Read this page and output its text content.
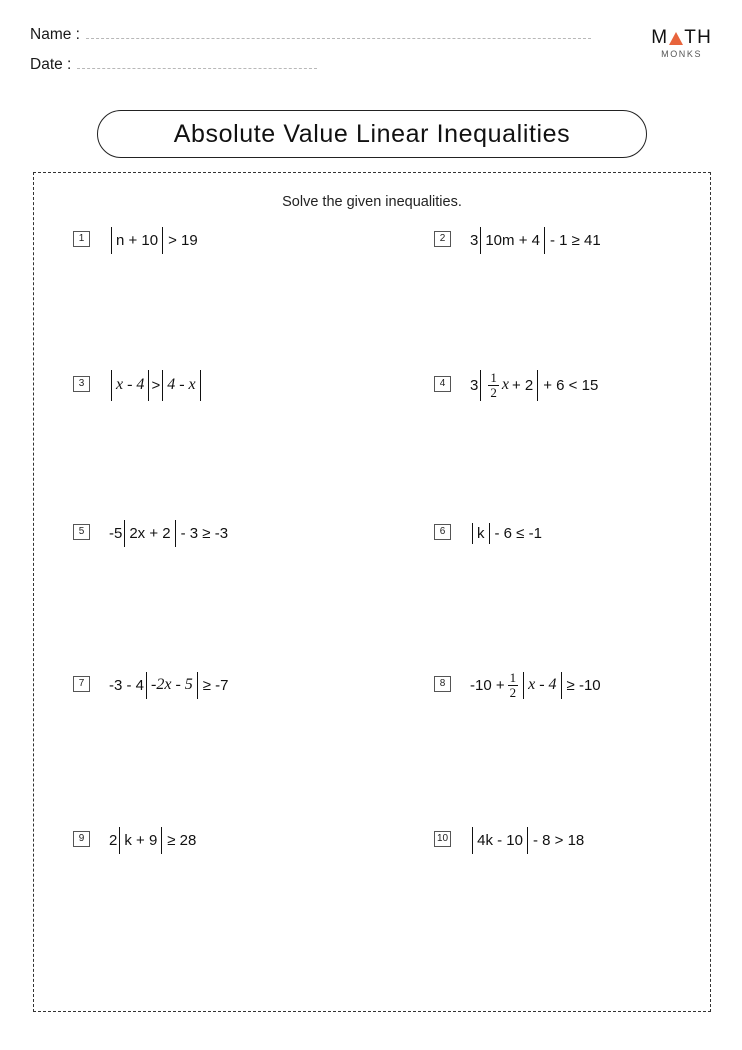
Name :
Date :
M TH
MONKS
Absolute Value Linear Inequalities
Solve the given inequalities.
1	n + 10 > 19	2	3 10m + 4 - 1 ≥ 41
3	x - 4 > 4 - x	4	$3 \frac{1}{2}$ x + 2 + 6 < 15
5	-5 2x + 2 - 3 ≥ -3	6	k - 6 ≤ -1
7	-3 - 4 -2x - 5 ≥ -7	8	$-10 + \frac{1}{2}$ x - 4 ≥ -10
9	2 k + 9 ≥ 28	10 4k - 10 - 8 > 18
